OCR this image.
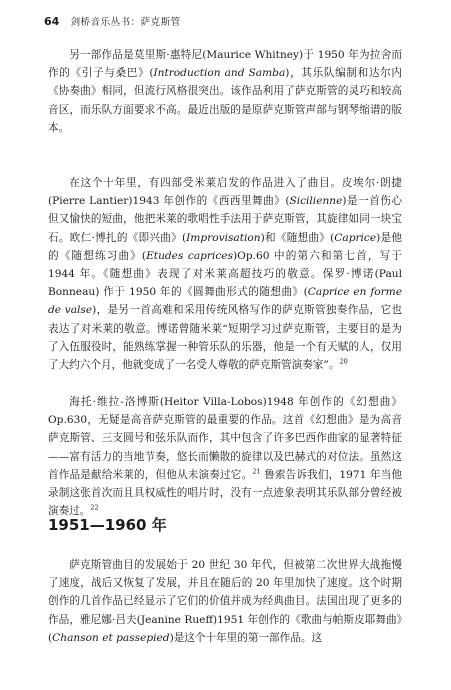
64 剑桥音乐丛书：萨克斯管

另一部作品是莫里斯·惠特尼(Maurice Whitney)于 1950 年为拉舍而作的《引子与桑巴》(Introduction and Samba)，其乐队编制和达尔内《协奏曲》相同，但流行风格很突出。该作品利用了萨克斯管的灵巧和较高音区，而乐队方面要求不高。最近出版的是原萨克斯管声部与钢琴缩谱的版本。

在这个十年里，有四部受米莱启发的作品进入了曲目。皮埃尔·朗捷(Pierre Lantier)1943 年创作的《西西里舞曲》(Sicilienne)是一首伤心但又愉快的短曲，他把米莱的歌唱性手法用于萨克斯管，其旋律如同一块宝石。欧仁·博扎的《即兴曲》(Improvisation)和《随想曲》(Caprice)是他的《随想练习曲》(Etudes caprices)Op.60 中的第六和第七首，写于 1944 年。《随想曲》表现了对米莱高超技巧的敬意。保罗·博诺(Paul Bonneau) 作于 1950 年的《圆舞曲形式的随想曲》(Caprice en forme de valse)，是另一首高难和采用传统风格写作的萨克斯管独奏作品，它也表达了对米莱的敬意。博诺曾随米莱“短期学习过萨克斯管，主要目的是为了入伍服役时，能熟练掌握一种管乐队的乐器，他是一个有天赋的人，仅用了大约六个月，他就变成了一名受人尊敬的萨克斯管演奏家”。$^{20}$

海托·维拉-洛博斯(Heitor Villa-Lobos)1948 年创作的《幻想曲》Op.630，无疑是高音萨克斯管的最重要的作品。这首《幻想曲》是为高音萨克斯管、三支圆号和弦乐队而作，其中包含了许多巴西作曲家的显著特征——富有活力的当地节奏，悠长而懒散的旋律以及巴赫式的对位法。虽然这首作品是献给米莱的，但他从未演奏过它。$^{21}$ 鲁索告诉我们，1971 年当他录制这张首次而且具权威性的唱片时，没有一点迹象表明其乐队部分曾经被演奏过。$^{22}$

1951—1960 年

萨克斯管曲目的发展始于 20 世纪 30 年代，但被第二次世界大战拖慢了速度，战后又恢复了发展，并且在随后的 20 年里加快了速度。这个时期创作的几首作品已经显示了它们的价值并成为经典曲目。法国出现了更多的作品，雅尼娜·吕夫(Jeanine Rueff)1951 年创作的《歌曲与帕斯皮耶舞曲》(Chanson et passepied)是这个十年里的第一部作品。这
